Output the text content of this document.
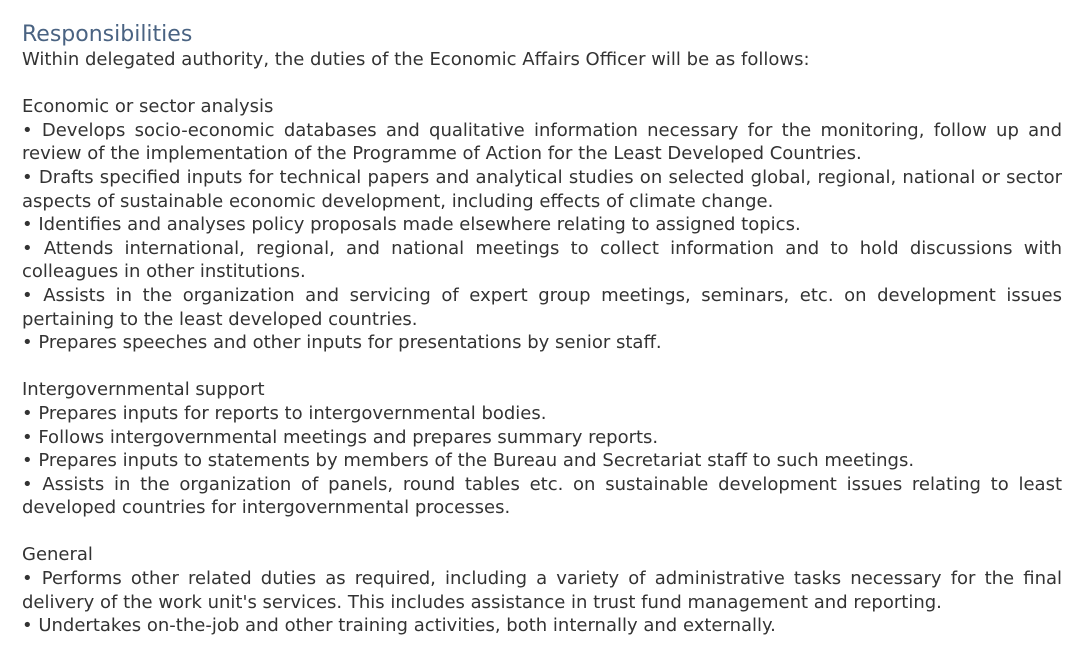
Responsibilities

Within delegated authority, the duties of the Economic Affairs Officer will be as follows:

Economic or sector analysis

• Develops socio-economic databases and qualitative information necessary for the monitoring, follow up and review of the implementation of the Programme of Action for the Least Developed Countries.
• Drafts specified inputs for technical papers and analytical studies on selected global, regional, national or sector aspects of sustainable economic development, including effects of climate change.
• Identifies and analyses policy proposals made elsewhere relating to assigned topics.
• Attends international, regional, and national meetings to collect information and to hold discussions with colleagues in other institutions.
• Assists in the organization and servicing of expert group meetings, seminars, etc. on development issues pertaining to the least developed countries.
• Prepares speeches and other inputs for presentations by senior staff.

Intergovernmental support

• Prepares inputs for reports to intergovernmental bodies.
• Follows intergovernmental meetings and prepares summary reports.
• Prepares inputs to statements by members of the Bureau and Secretariat staff to such meetings.
• Assists in the organization of panels, round tables etc. on sustainable development issues relating to least developed countries for intergovernmental processes.

General

• Performs other related duties as required, including a variety of administrative tasks necessary for the final delivery of the work unit's services. This includes assistance in trust fund management and reporting.
• Undertakes on-the-job and other training activities, both internally and externally.
